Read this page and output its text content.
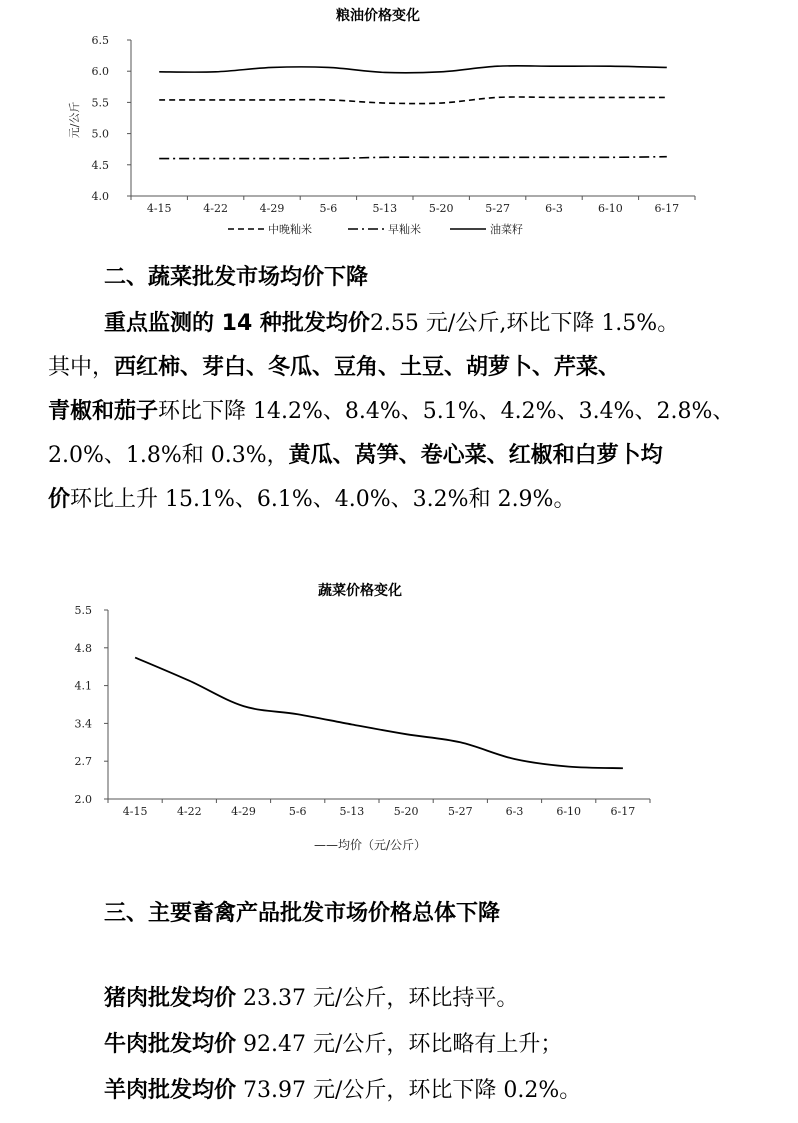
粮油价格变化
6.5
6.0
5.5
5.0
4.5
4.0
4-15	4-22	4-29	5-6	5-13	5-20	5-27	6-3	6-10	6-17
元/公斤
中晚籼米	早籼米	油菜籽
二、蔬菜批发市场均价下降
重点监测的 14 种批发均价2.55 元/公斤,环比下降 1.5%。
其中，西红柿、芽白、冬瓜、豆角、土豆、胡萝卜、芹菜、
青椒和茄子环比下降 14.2%、8.4%、5.1%、4.2%、3.4%、2.8%、
2.0%、1.8%和 0.3%，黄瓜、莴笋、卷心菜、红椒和白萝卜均
价环比上升 15.1%、6.1%、4.0%、3.2%和 2.9%。
蔬菜价格变化
5.5
4.8
4.1
3.4
2.7
2.0
4-15	4-22	4-29	5-6	5-13	5-20	5-27	6-3	6-10	6-17
——均价（元/公斤）
三、主要畜禽产品批发市场价格总体下降
猪肉批发均价 23.37 元/公斤，环比持平。
牛肉批发均价 92.47 元/公斤，环比略有上升；
羊肉批发均价 73.97 元/公斤，环比下降 0.2%。
